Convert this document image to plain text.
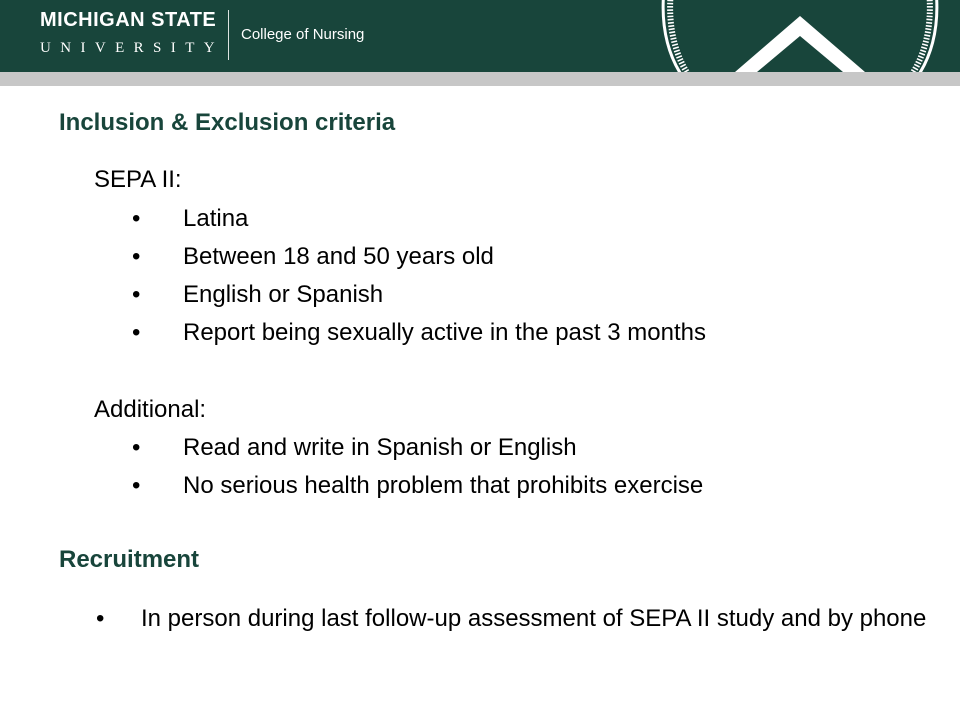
MICHIGAN STATE
UNIVERSITY
College of Nursing
Inclusion & Exclusion criteria
SEPA II:
• Latina
• Between 18 and 50 years old
• English or Spanish
• Report being sexually active in the past 3 months
Additional:
• Read and write in Spanish or English
• No serious health problem that prohibits exercise
Recruitment
• In person during last follow-up assessment of SEPA II study and by phone
